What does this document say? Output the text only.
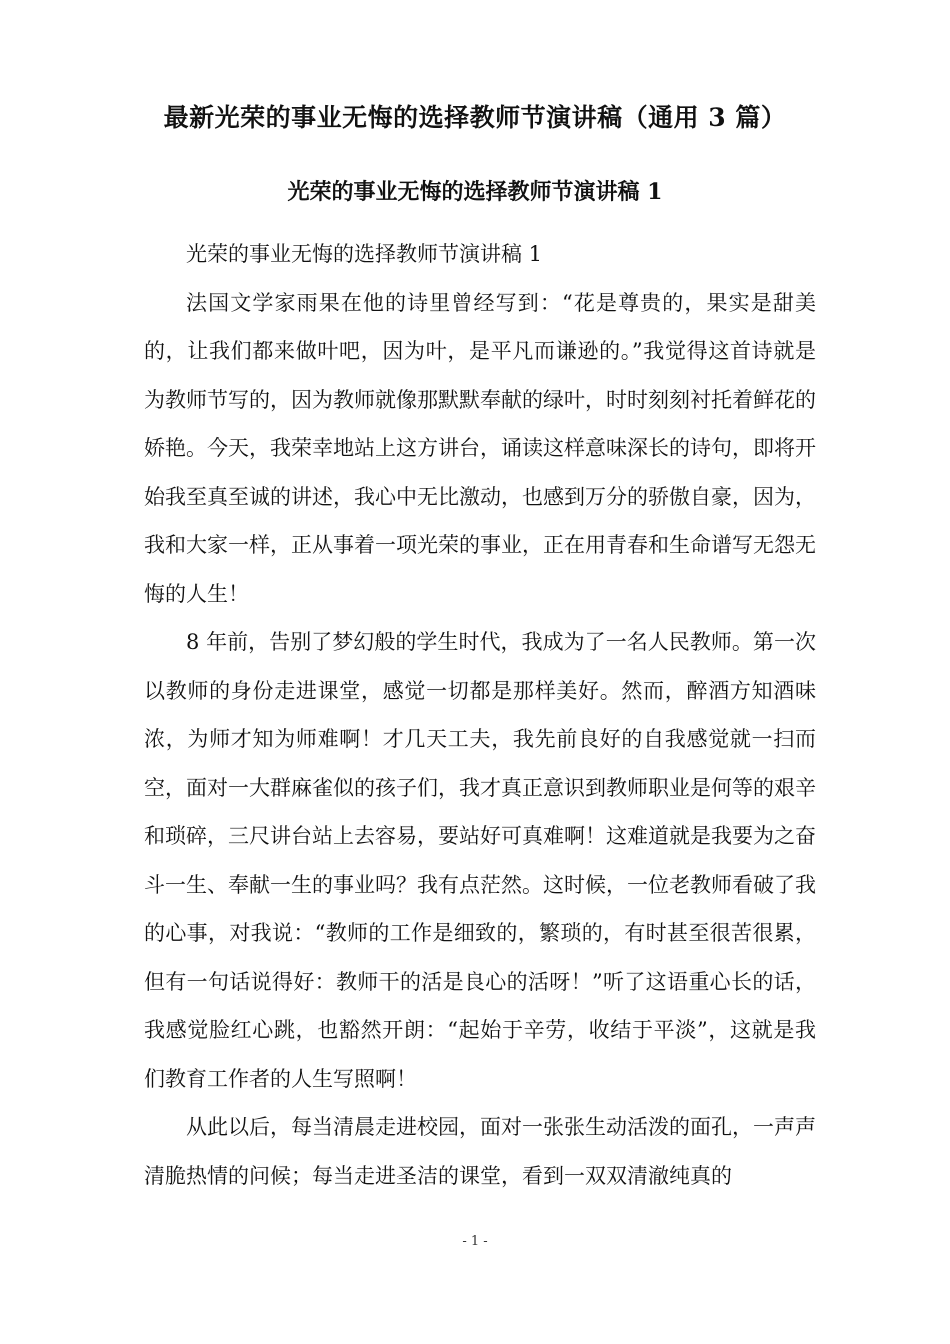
最新光荣的事业无悔的选择教师节演讲稿（通用 3 篇）
光荣的事业无悔的选择教师节演讲稿 1

光荣的事业无悔的选择教师节演讲稿 1

法国文学家雨果在他的诗里曾经写到：“花是尊贵的，果实是甜美的，让我们都来做叶吧，因为叶，是平凡而谦逊的。”我觉得这首诗就是为教师节写的，因为教师就像那默默奉献的绿叶，时时刻刻衬托着鲜花的娇艳。今天，我荣幸地站上这方讲台，诵读这样意味深长的诗句，即将开始我至真至诚的讲述，我心中无比激动，也感到万分的骄傲自豪，因为，我和大家一样，正从事着一项光荣的事业，正在用青春和生命谱写无怨无悔的人生！

8 年前，告别了梦幻般的学生时代，我成为了一名人民教师。第一次以教师的身份走进课堂，感觉一切都是那样美好。然而，醉酒方知酒味浓，为师才知为师难啊！才几天工夫，我先前良好的自我感觉就一扫而空，面对一大群麻雀似的孩子们，我才真正意识到教师职业是何等的艰辛和琐碎，三尺讲台站上去容易，要站好可真难啊！这难道就是我要为之奋斗一生、奉献一生的事业吗？我有点茫然。这时候，一位老教师看破了我的心事，对我说：“教师的工作是细致的，繁琐的，有时甚至很苦很累，但有一句话说得好：教师干的活是良心的活呀！”听了这语重心长的话，我感觉脸红心跳，也豁然开朗：“起始于辛劳，收结于平淡”，这就是我们教育工作者的人生写照啊！

从此以后，每当清晨走进校园，面对一张张生动活泼的面孔，一声声清脆热情的问候；每当走进圣洁的课堂，看到一双双清澈纯真的

- 1 -
